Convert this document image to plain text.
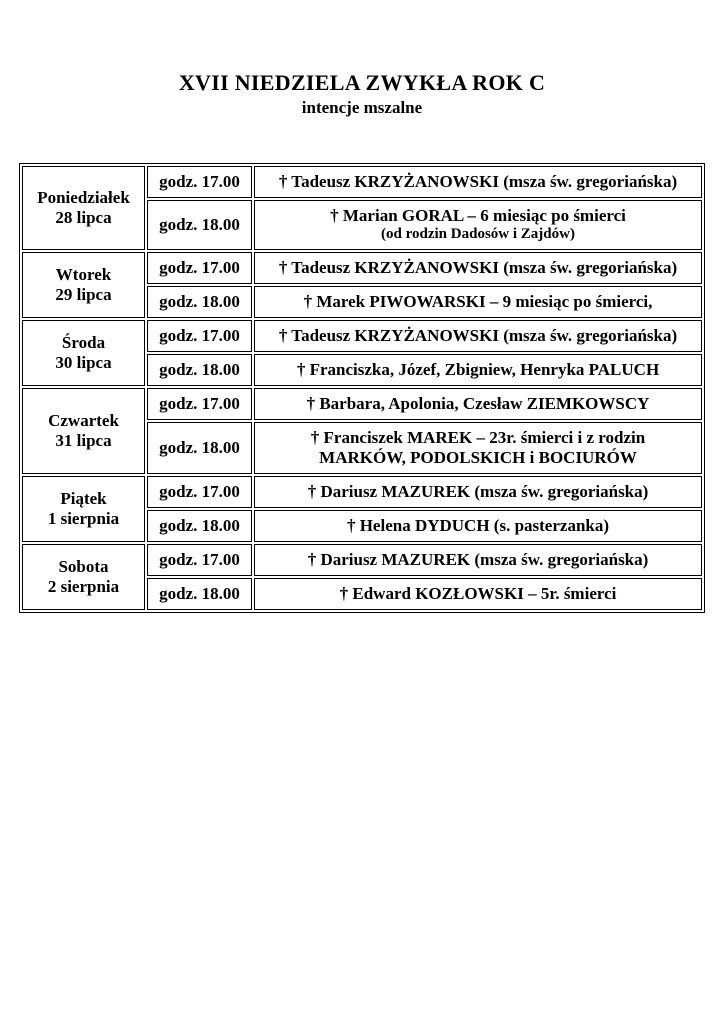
XVII NIEDZIELA ZWYKŁA ROK C
intencje mszalne
Poniedziałek
28 lipca	godz. 17.00	† Tadeusz KRZYŻANOWSKI (msza św. gregoriańska)

	godz. 18.00	† Marian GORAL – 6 miesiąc po śmierci
(od rodzin Dadosów i Zajdów)

Wtorek
29 lipca	godz. 17.00	† Tadeusz KRZYŻANOWSKI (msza św. gregoriańska)

	godz. 18.00	† Marek PIWOWARSKI – 9 miesiąc po śmierci,

Środa
30 lipca	godz. 17.00	† Tadeusz KRZYŻANOWSKI (msza św. gregoriańska)

	godz. 18.00	† Franciszka, Józef, Zbigniew, Henryka PALUCH

Czwartek
31 lipca	godz. 17.00	† Barbara, Apolonia, Czesław ZIEMKOWSCY

	godz. 18.00	† Franciszek MAREK – 23r. śmierci i z rodzin
MARKÓW, PODOLSKICH i BOCIURÓW

Piątek
1 sierpnia	godz. 17.00	† Dariusz MAZUREK (msza św. gregoriańska)

	godz. 18.00	† Helena DYDUCH (s. pasterzanka)

Sobota
2 sierpnia	godz. 17.00	† Dariusz MAZUREK (msza św. gregoriańska)

	godz. 18.00	† Edward KOZŁOWSKI – 5r. śmierci
